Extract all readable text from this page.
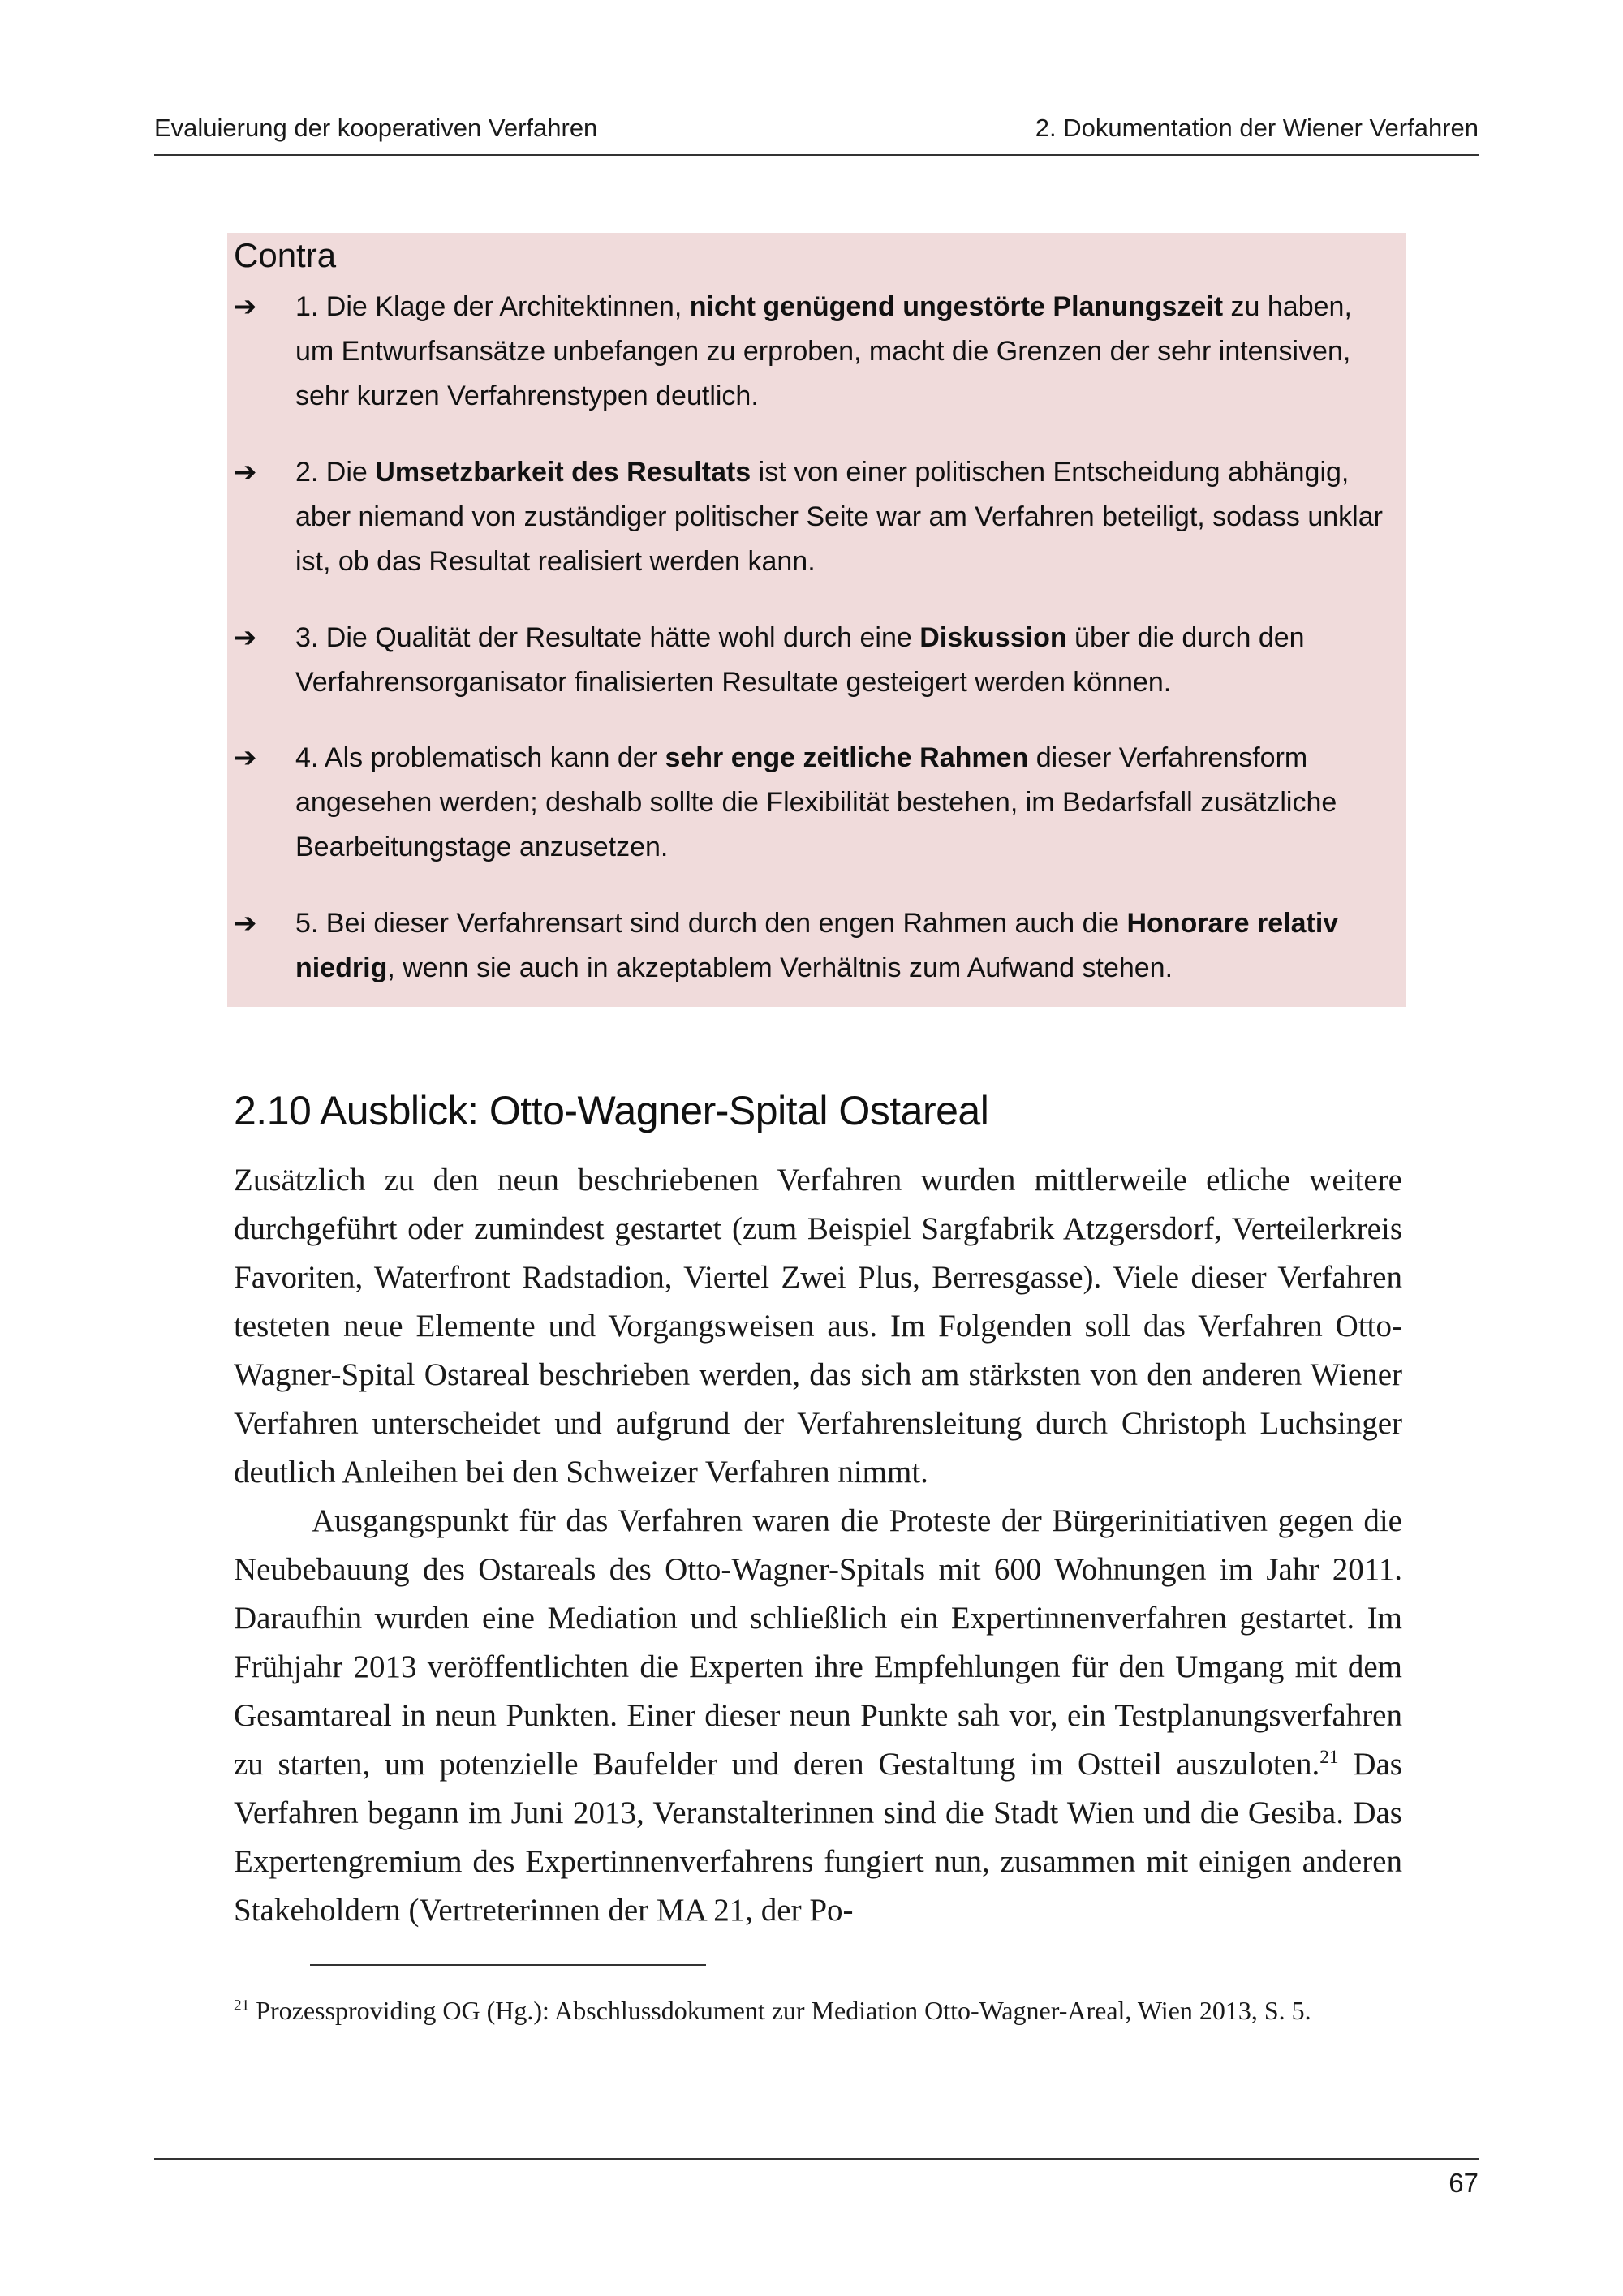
Evaluierung der kooperativen Verfahren	2. Dokumentation der Wiener Verfahren
Contra
➔ 1. Die Klage der Architektinnen, nicht genügend ungestörte Planungszeit zu haben, um Entwurfsansätze unbefangen zu erproben, macht die Grenzen der sehr intensiven, sehr kurzen Verfahrenstypen deutlich.
➔ 2. Die Umsetzbarkeit des Resultats ist von einer politischen Entscheidung abhängig, aber niemand von zuständiger politischer Seite war am Verfahren beteiligt, sodass unklar ist, ob das Resultat realisiert werden kann.
➔ 3. Die Qualität der Resultate hätte wohl durch eine Diskussion über die durch den Verfahrensorganisator finalisierten Resultate gesteigert werden können.
➔ 4. Als problematisch kann der sehr enge zeitliche Rahmen dieser Verfahrensform angesehen werden; deshalb sollte die Flexibilität bestehen, im Bedarfsfall zusätzliche Bearbeitungstage anzusetzen.
➔ 5. Bei dieser Verfahrensart sind durch den engen Rahmen auch die Honorare relativ niedrig, wenn sie auch in akzeptablem Verhältnis zum Aufwand stehen.
2.10 Ausblick: Otto-Wagner-Spital Ostareal

Zusätzlich zu den neun beschriebenen Verfahren wurden mittlerweile etliche weitere durchgeführt oder zumindest gestartet (zum Beispiel Sargfabrik Atzgersdorf, Verteilerkreis Favoriten, Waterfront Radstadion, Viertel Zwei Plus, Berresgasse). Viele dieser Verfahren testeten neue Elemente und Vorgangsweisen aus. Im Folgenden soll das Verfahren Otto-Wagner-Spital Ostareal beschrieben werden, das sich am stärksten von den anderen Wiener Verfahren unterscheidet und aufgrund der Verfahrensleitung durch Christoph Luchsinger deutlich Anleihen bei den Schweizer Verfahren nimmt.

Ausgangspunkt für das Verfahren waren die Proteste der Bürgerinitiativen gegen die Neubebauung des Ostareals des Otto-Wagner-Spitals mit 600 Wohnungen im Jahr 2011. Daraufhin wurden eine Mediation und schließlich ein Expertinnenverfahren gestartet. Im Frühjahr 2013 veröffentlichten die Experten ihre Empfehlungen für den Umgang mit dem Gesamtareal in neun Punkten. Einer dieser neun Punkte sah vor, ein Testplanungsverfahren zu starten, um potenzielle Baufelder und deren Gestaltung im Ostteil auszuloten.$^{21}$ Das Verfahren begann im Juni 2013, Veranstalterinnen sind die Stadt Wien und die Gesiba. Das Expertengremium des Expertinnenverfahrens fungiert nun, zusammen mit einigen anderen Stakeholdern (Vertreterinnen der MA 21, der Po-

$^{21}$ Prozessproviding OG (Hg.): Abschlussdokument zur Mediation Otto-Wagner-Areal, Wien 2013, S. 5.
67
